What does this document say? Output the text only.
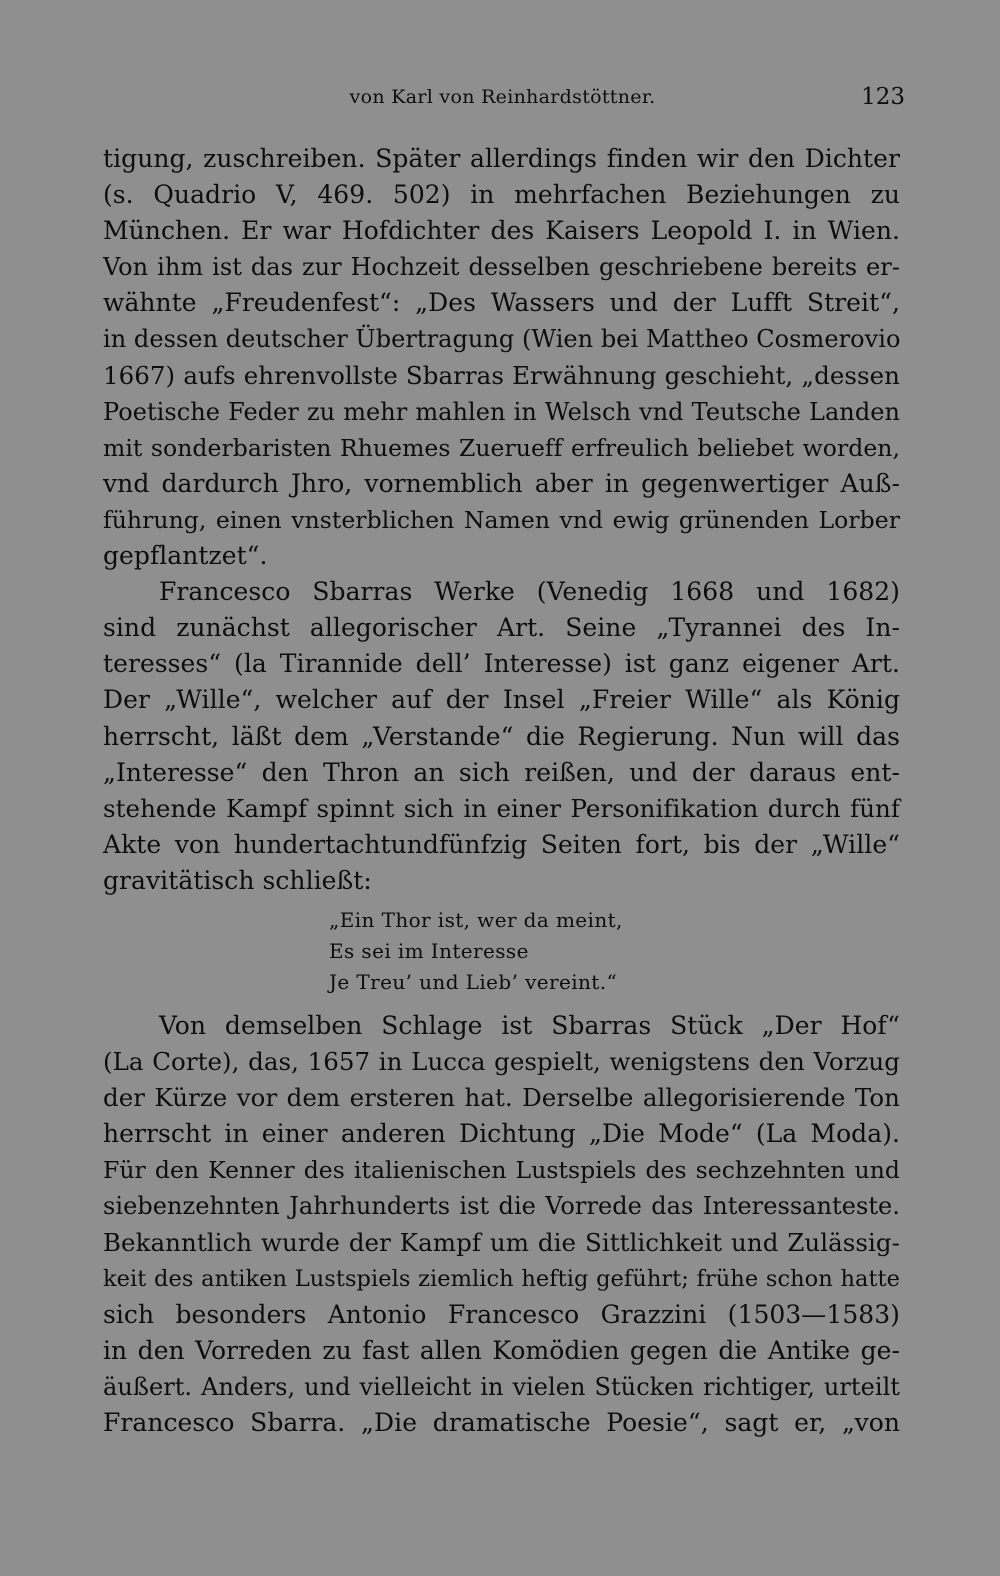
von Karl von Reinhardstöttner.	123
tigung, zuschreiben. Später allerdings finden wir den Dichter
(s. Quadrio V, 469. 502) in mehrfachen Beziehungen zu
München. Er war Hofdichter des Kaisers Leopold I. in Wien.
Von ihm ist das zur Hochzeit desselben geschriebene bereits er-
wähnte „Freudenfest“: „Des Wassers und der Lufft Streit“,
in dessen deutscher Übertragung (Wien bei Mattheo Cosmerovio
1667) aufs ehrenvollste Sbarras Erwähnung geschieht, „dessen
Poetische Feder zu mehr mahlen in Welsch vnd Teutsche Landen
mit sonderbaristen Rhuemes Zuerueff erfreulich beliebet worden,
vnd dardurch Jhro, vornemblich aber in gegenwertiger Auß-
führung, einen vnsterblichen Namen vnd ewig grünenden Lorber
gepflantzet“.
Francesco Sbarras Werke (Venedig 1668 und 1682)
sind zunächst allegorischer Art. Seine „Tyrannei des In-
teresses“ (la Tirannide dell’ Interesse) ist ganz eigener Art.
Der „Wille“, welcher auf der Insel „Freier Wille“ als König
herrscht, läßt dem „Verstande“ die Regierung. Nun will das
„Interesse“ den Thron an sich reißen, und der daraus ent-
stehende Kampf spinnt sich in einer Personifikation durch fünf
Akte von hundertachtundfünfzig Seiten fort, bis der „Wille“
gravitätisch schließt:
„Ein Thor ist, wer da meint,
Es sei im Interesse
Je Treu’ und Lieb’ vereint.“
Von demselben Schlage ist Sbarras Stück „Der Hof“
(La Corte), das, 1657 in Lucca gespielt, wenigstens den Vorzug
der Kürze vor dem ersteren hat. Derselbe allegorisierende Ton
herrscht in einer anderen Dichtung „Die Mode“ (La Moda).
Für den Kenner des italienischen Lustspiels des sechzehnten und
siebenzehnten Jahrhunderts ist die Vorrede das Interessanteste.
Bekanntlich wurde der Kampf um die Sittlichkeit und Zulässig-
keit des antiken Lustspiels ziemlich heftig geführt; frühe schon hatte
sich besonders Antonio Francesco Grazzini (1503—1583)
in den Vorreden zu fast allen Komödien gegen die Antike ge-
äußert. Anders, und vielleicht in vielen Stücken richtiger, urteilt
Francesco Sbarra. „Die dramatische Poesie“, sagt er, „von
